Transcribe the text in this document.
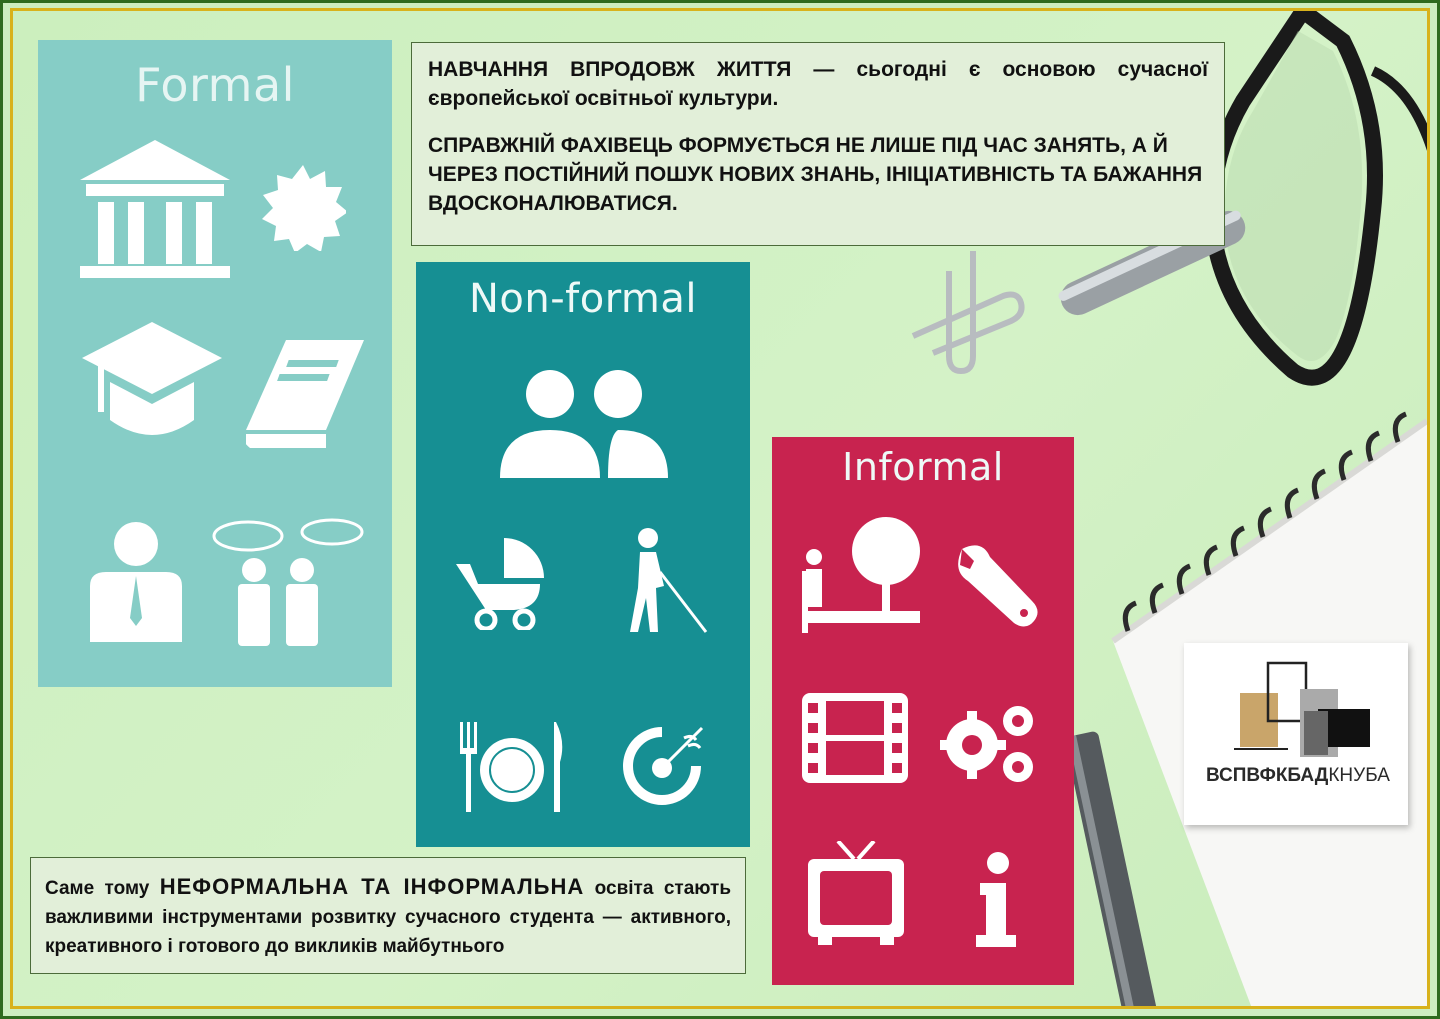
Formal
Non-formal
Informal

НАВЧАННЯ ВПРОДОВЖ ЖИТТЯ — сьогодні є основою сучасної європейської освітньої культури.

СПРАВЖНІЙ ФАХІВЕЦЬ ФОРМУЄТЬСЯ НЕ ЛИШЕ ПІД ЧАС ЗАНЯТЬ, А Й ЧЕРЕЗ ПОСТІЙНИЙ ПОШУК НОВИХ ЗНАНЬ, ІНІЦІАТИВНІСТЬ ТА БАЖАННЯ ВДОСКОНАЛЮВАТИСЯ.

Саме тому НЕФОРМАЛЬНА ТА ІНФОРМАЛЬНА освіта стають важливими інструментами розвитку сучасного студента — активного, креативного і готового до викликів майбутнього
ВСПВФКБАДКНУБА
